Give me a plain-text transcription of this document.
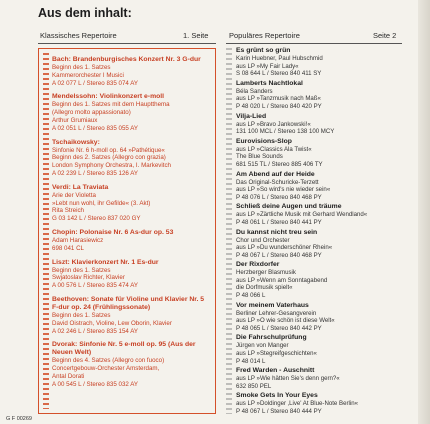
Aus dem inhalt:
Klassisches Repertoire	1. Seite	Populäres Repertoire	Seite 2
Bach: Brandenburgisches Konzert Nr. 3 G-dur
Beginn des 1. Satzes
Kammerorchester I Musici
A 02 077 L / Stereo 835 074 AY
Mendelssohn: Violinkonzert e-moll
Beginn des 1. Satzes mit dem Hauptthema
(Allegro molto appassionato)
Arthur Grumiaux
A 02 051 L / Stereo 835 055 AY
Tschaikowsky:
Sinfonie Nr. 6 h-moll op. 64 »Pathétique«
Beginn des 2. Satzes (Allegro con grazia)
London Symphony Orchestra, I. Markevitch
A 02 239 L / Stereo 835 126 AY
Verdi: La Traviata
Arie der Violetta
»Lebt nun wohl, ihr Gefilde« (3. Akt)
Rita Streich
G 03 142 L / Stereo 837 020 GY
Chopin: Polonaise Nr. 6 As-dur op. 53
Adam Harasiewicz
698 041 CL
Liszt: Klavierkonzert Nr. 1 Es-dur
Beginn des 1. Satzes
Swjatoslav Richter, Klavier
A 00 576 L / Stereo 835 474 AY
Beethoven: Sonate für Violine und Klavier Nr. 5 F-dur op. 24 (Frühlingssonate)
Beginn des 1. Satzes
David Oistrach, Violine, Lew Oborin, Klavier
A 02 246 L / Stereo 835 154 AY
Dvorak: Sinfonie Nr. 5 e-moll op. 95 (Aus der Neuen Welt)
Beginn des 4. Satzes (Allegro con fuoco)
Concertgebouw-Orchester Amsterdam,
Antal Dorati
A 00 545 L / Stereo 835 032 AY
Es grünt so grün
Karin Huebner, Paul Hubschmid
aus LP »My Fair Lady«
S 08 644 L / Stereo 840 411 SY
Lamberts Nachtlokal
Béla Sanders
aus LP »Tanzmusik nach Maß«
P 48 020 L / Stereo 840 420 PY
Vilja-Lied
aus LP »Bravo Jankowski!«
131 100 MCL / Stereo 138 100 MCY
Eurovisions-Slop
aus LP »Classics Ala Twist«
The Blue Sounds
681 515 TL / Stereo 885 406 TY
Am Abend auf der Heide
Das Original-Schuricke-Terzett
aus LP »So wird's nie wieder sein«
P 48 076 L / Stereo 840 468 PY
Schließ deine Augen und träume
aus LP »Zärtliche Musik mit Gerhard Wendland«
P 48 061 L / Stereo 840 441 PY
Du kannst nicht treu sein
Chor und Orchester
aus LP »Du wunderschöner Rhein«
P 48 067 L / Stereo 840 468 PY
Der Rixdorfer
Herzberger Blasmusik
aus LP »Wenn am Sonntagabend
die Dorfmusik spielt«
P 48 066 L
Vor meinem Vaterhaus
Berliner Lehrer-Gesangverein
aus LP »O wie schön ist diese Welt«
P 48 065 L / Stereo 840 442 PY
Die Fahrschulprüfung
Jürgen von Manger
aus LP »Stegreifgeschichten«
P 48 014 L
Fred Warden - Auschnitt
aus LP »Wie hätten Sie's denn gern?«
632 850 PEL
Smoke Gets In Your Eyes
aus LP »Doldinger ‚Live' At Blue-Note Berlin«
P 48 067 L / Stereo 840 444 PY
G F 00269
